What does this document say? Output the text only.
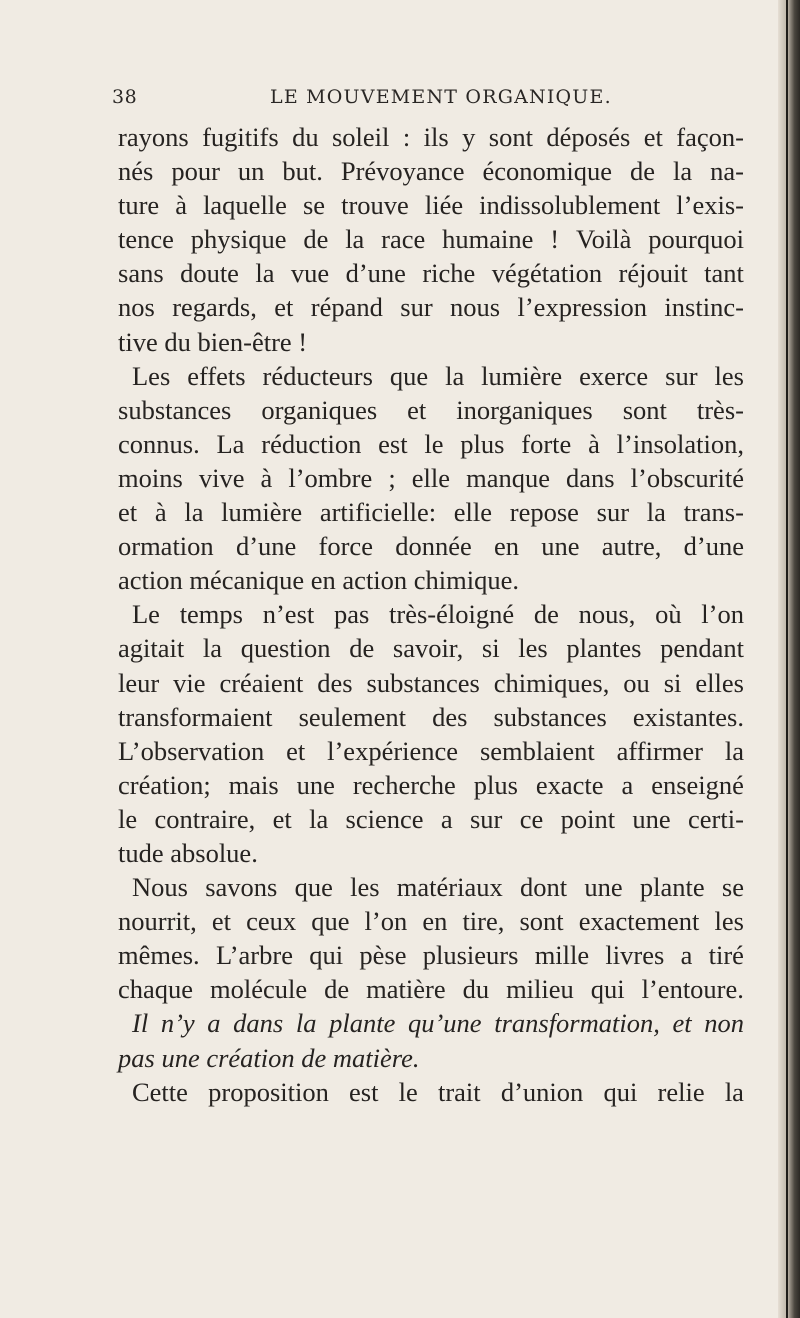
38	LE MOUVEMENT ORGANIQUE.
rayons fugitifs du soleil : ils y sont déposés et façon-
nés pour un but. Prévoyance économique de la na-
ture à laquelle se trouve liée indissolublement l’exis-
tence physique de la race humaine ! Voilà pourquoi
sans doute la vue d’une riche végétation réjouit tant
nos regards, et répand sur nous l’expression instinc-
tive du bien-être !
Les effets réducteurs que la lumière exerce sur les
substances organiques et inorganiques sont très-
connus. La réduction est le plus forte à l’insolation,
moins vive à l’ombre ; elle manque dans l’obscurité
et à la lumière artificielle: elle repose sur la trans-
ormation d’une force donnée en une autre, d’une
action mécanique en action chimique.
Le temps n’est pas très-éloigné de nous, où l’on
agitait la question de savoir, si les plantes pendant
leur vie créaient des substances chimiques, ou si elles
transformaient seulement des substances existantes.
L’observation et l’expérience semblaient affirmer la
création; mais une recherche plus exacte a enseigné
le contraire, et la science a sur ce point une certi-
tude absolue.
Nous savons que les matériaux dont une plante se
nourrit, et ceux que l’on en tire, sont exactement les
mêmes. L’arbre qui pèse plusieurs mille livres a tiré
chaque molécule de matière du milieu qui l’entoure.
Il n’y a dans la plante qu’une transformation, et non
pas une création de matière.
Cette proposition est le trait d’union qui relie la
